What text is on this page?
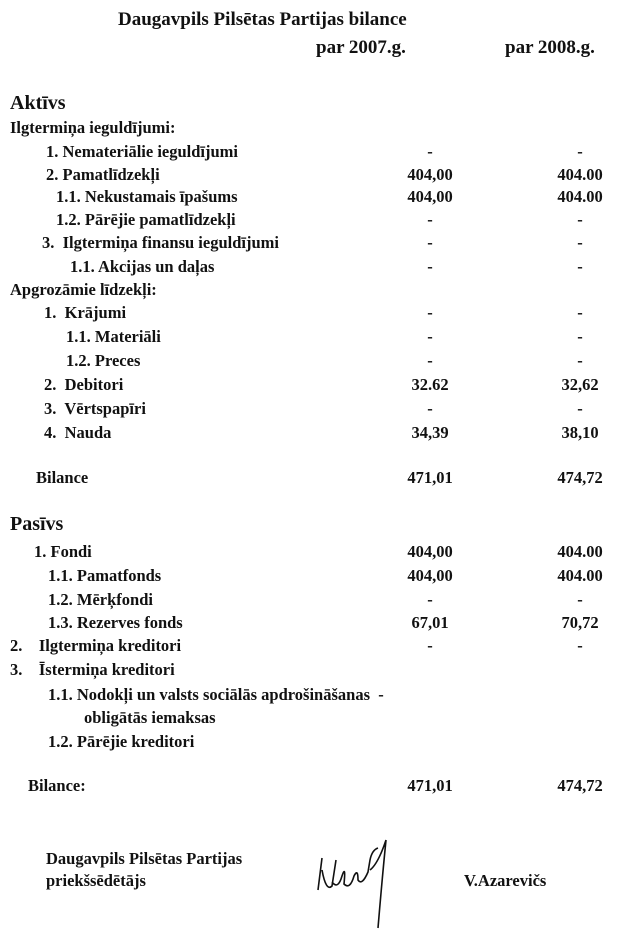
Daugavpils Pilsētas Partijas bilance
par 2007.g.	par 2008.g.
Aktīvs
Ilgtermiņa ieguldījumi:
1. Nemateriālie ieguldījumi	-	-
2. Pamatlīdzekļi	404,00	404.00
1.1. Nekustamais īpašums	404,00	404.00
1.2. Pārējie pamatlīdzekļi	-	-
3.  Ilgtermiņa finansu ieguldījumi	-	-
1.1. Akcijas un daļas	-	-
Apgrozāmie līdzekļi:
1.  Krājumi	-	-
1.1. Materiāli	-	-
1.2. Preces	-	-
2.  Debitori	32.62	32,62
3.  Vērtspapīri	-	-
4.  Nauda	34,39	38,10
Bilance	471,01	474,72
Pasīvs
1. Fondi	404,00	404.00
1.1. Pamatfonds	404,00	404.00
1.2. Mērķfondi	-	-
1.3. Rezerves fonds	67,01	70,72
2.    Ilgtermiņa kreditori	-	-
3.    Īstermiņa kreditori
1.1. Nodokļi un valsts sociālās apdrošināšanas  -
obligātās iemaksas
1.2. Pārējie kreditori
Bilance:	471,01	474,72
Daugavpils Pilsētas Partijas
priekšsēdētājs	V.Azarevičs
